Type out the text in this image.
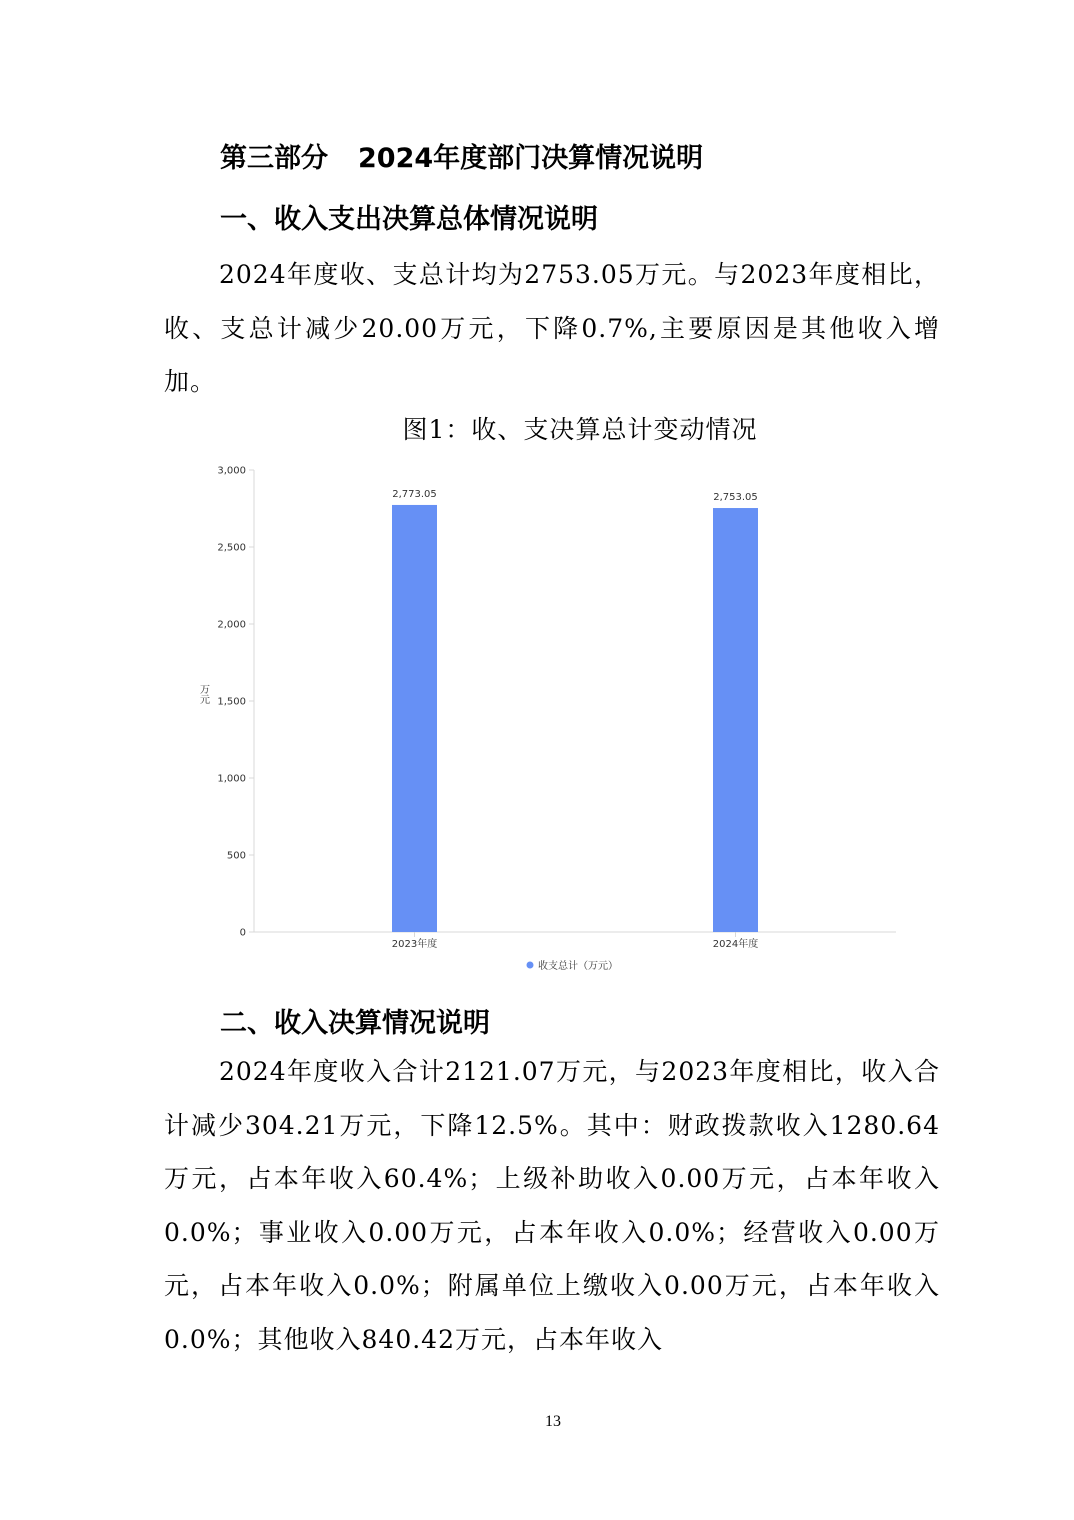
第三部分 2024年度部门决算情况说明
一、收入支出决算总体情况说明

2024年度收、支总计均为2753.05万元。与2023年度相比，收、支总计减少20.00万元，下降0.7%,主要原因是其他收入增加。

图1：收、支决算总计变动情况

0
500
1,000
1,500
2,000
2,500
3,000
万元
2,773.05
2023年度
2,753.05
2024年度
收支总计（万元）
二、收入决算情况说明

2024年度收入合计2121.07万元，与2023年度相比，收入合计减少304.21万元，下降12.5%。其中：财政拨款收入1280.64万元，占本年收入60.4%；上级补助收入0.00万元，占本年收入0.0%；事业收入0.00万元，占本年收入0.0%；经营收入0.00万元，占本年收入0.0%；附属单位上缴收入0.00万元，占本年收入0.0%；其他收入840.42万元，占本年收入

13
